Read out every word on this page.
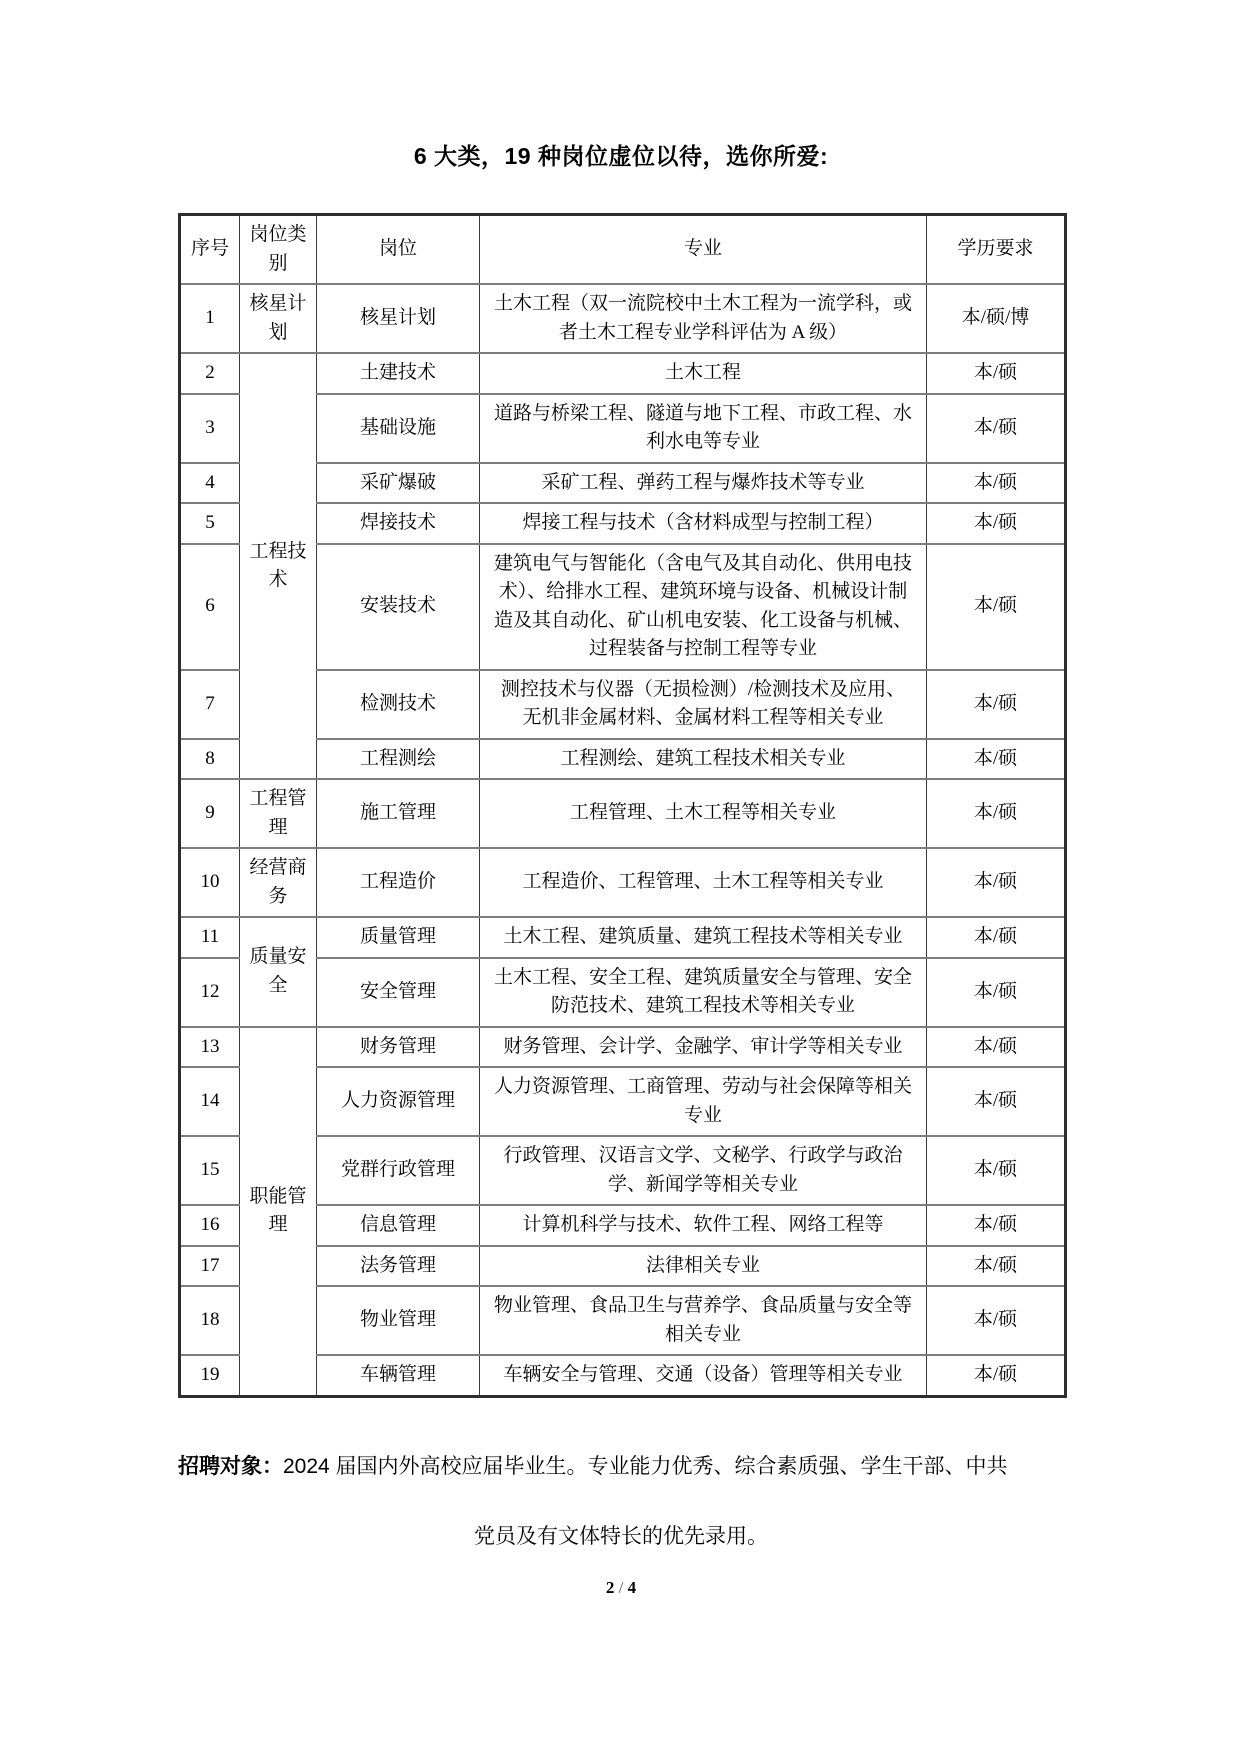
6 大类，19 种岗位虚位以待，选你所爱:
序号	岗位类别	岗位	专业	学历要求
1	核星计划	核星计划	土木工程（双一流院校中土木工程为一流学科，或者土木工程专业学科评估为 A 级）	本/硕/博
2	工程技术	土建技术	土木工程	本/硕
3		基础设施	道路与桥梁工程、隧道与地下工程、市政工程、水利水电等专业	本/硕
4		采矿爆破	采矿工程、弹药工程与爆炸技术等专业	本/硕
5		焊接技术	焊接工程与技术（含材料成型与控制工程）	本/硕
6		安装技术	建筑电气与智能化（含电气及其自动化、供用电技术）、给排水工程、建筑环境与设备、机械设计制造及其自动化、矿山机电安装、化工设备与机械、过程装备与控制工程等专业	本/硕
7		检测技术	测控技术与仪器（无损检测）/检测技术及应用、无机非金属材料、金属材料工程等相关专业	本/硕
8		工程测绘	工程测绘、建筑工程技术相关专业	本/硕
9	工程管理	施工管理	工程管理、土木工程等相关专业	本/硕
10	经营商务	工程造价	工程造价、工程管理、土木工程等相关专业	本/硕
11	质量安全	质量管理	土木工程、建筑质量、建筑工程技术等相关专业	本/硕
12		安全管理	土木工程、安全工程、建筑质量安全与管理、安全防范技术、建筑工程技术等相关专业	本/硕
13	职能管理	财务管理	财务管理、会计学、金融学、审计学等相关专业	本/硕
14		人力资源管理	人力资源管理、工商管理、劳动与社会保障等相关专业	本/硕
15		党群行政管理	行政管理、汉语言文学、文秘学、行政学与政治学、新闻学等相关专业	本/硕
16		信息管理	计算机科学与技术、软件工程、网络工程等	本/硕
17		法务管理	法律相关专业	本/硕
18		物业管理	物业管理、食品卫生与营养学、食品质量与安全等相关专业	本/硕
19		车辆管理	车辆安全与管理、交通（设备）管理等相关专业	本/硕
招聘对象：2024 届国内外高校应届毕业生。专业能力优秀、综合素质强、学生干部、中共
党员及有文体特长的优先录用。
2 / 4
